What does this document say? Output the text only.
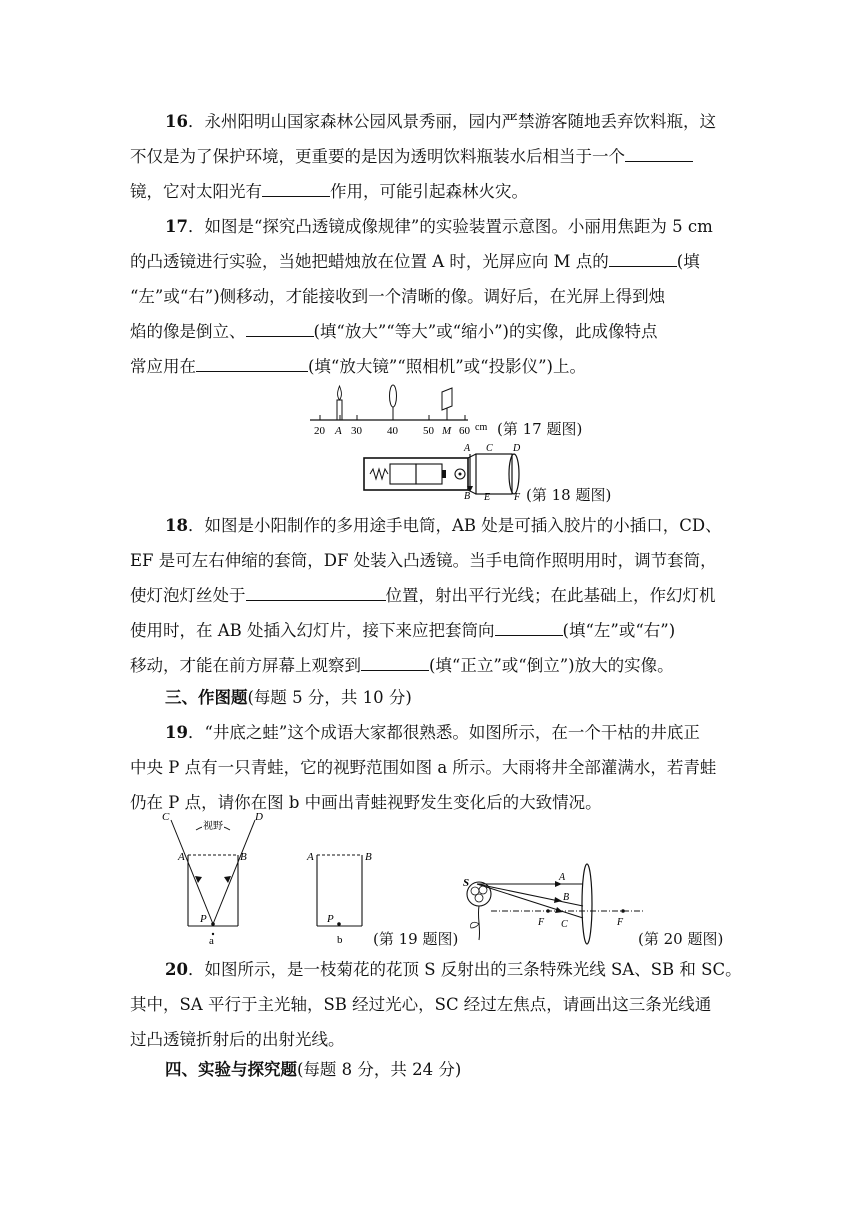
16．永州阳明山国家森林公园风景秀丽，园内严禁游客随地丢弃饮料瓶，这
不仅是为了保护环境，更重要的是因为透明饮料瓶装水后相当于一个
镜，它对太阳光有	作用，可能引起森林火灾。
17．如图是“探究凸透镜成像规律”的实验装置示意图。小丽用焦距为 5 cm
的凸透镜进行实验，当她把蜡烛放在位置 A 时，光屏应向 M 点的	(填
“左”或“右”)侧移动，才能接收到一个清晰的像。调好后，在光屏上得到烛
焰的像是倒立、	(填“放大”“等大”或“缩小”)的实像，此成像特点
常应用在	(填“放大镜”“照相机”或“投影仪”)上。
20 A 30 40 50 M 60 cm (第 17 题图)
A C D
B E F (第 18 题图)
18．如图是小阳制作的多用途手电筒，AB 处是可插入胶片的小插口，CD、
EF 是可左右伸缩的套筒，DF 处装入凸透镜。当手电筒作照明用时，调节套筒，
使灯泡灯丝处于	位置，射出平行光线；在此基础上，作幻灯机
使用时，在 AB 处插入幻灯片，接下来应把套筒向	(填“左”或“右”)
移动，才能在前方屏幕上观察到	(填“正立”或“倒立”)放大的实像。
三、作图题(每题 5 分，共 10 分)
19．“井底之蛙”这个成语大家都很熟悉。如图所示，在一个干枯的井底正
中央 P 点有一只青蛙，它的视野范围如图 a 所示。大雨将井全部灌满水，若青蛙
仍在 P 点，请你在图 b 中画出青蛙视野发生变化后的大致情况。
C
视野
D
A	B
P
a
A	B
P
b (第 19 题图)
S	A
B
F C	F
(第 20 题图)
20．如图所示，是一枝菊花的花顶 S 反射出的三条特殊光线 SA、SB 和 SC。
其中，SA 平行于主光轴，SB 经过光心，SC 经过左焦点，请画出这三条光线通
过凸透镜折射后的出射光线。
四、实验与探究题(每题 8 分，共 24 分)
